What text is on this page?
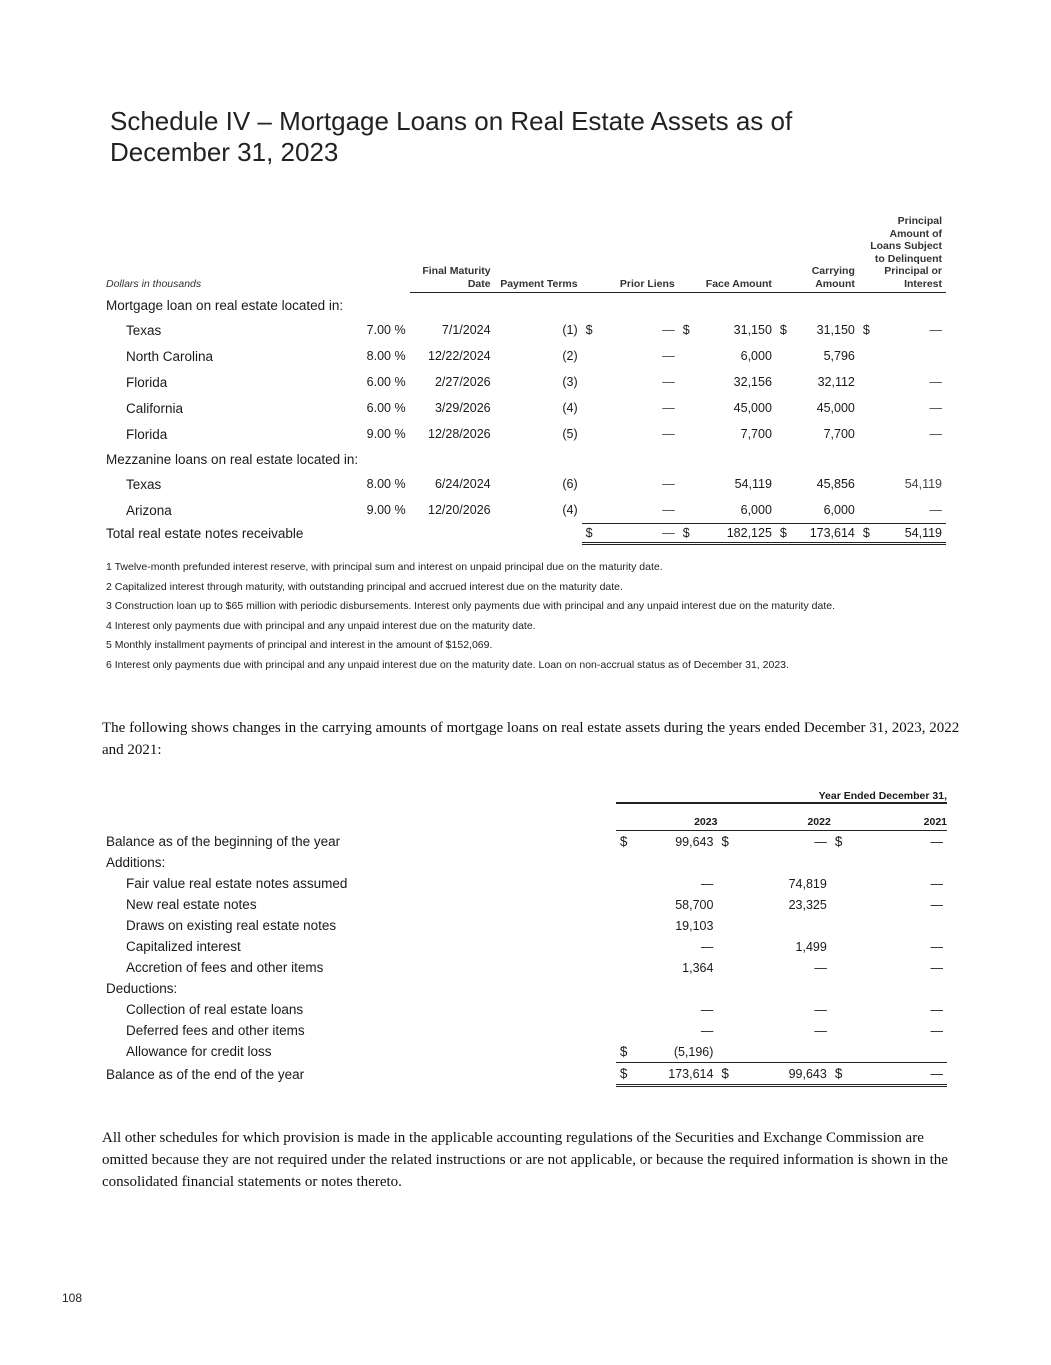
Schedule IV – Mortgage Loans on Real Estate Assets as of December 31, 2023
Dollars in thousands		Final Maturity Date	Payment Terms	Prior Liens		Face Amount		Carrying Amount		Principal Amount of Loans Subject to Delinquent Principal or Interest	
Mortgage loan on real estate located in:											
Texas	7.00 %	7/1/2024	(1)	$	—	$	31,150	$	31,150	$	—
North Carolina	8.00 %	12/22/2024	(2)		—		6,000		5,796		
Florida	6.00 %	2/27/2026	(3)		—		32,156		32,112		—
California	6.00 %	3/29/2026	(4)		—		45,000		45,000		—
Florida	9.00 %	12/28/2026	(5)		—		7,700		7,700		—
Mezzanine loans on real estate located in:											
Texas	8.00 %	6/24/2024	(6)		—		54,119		45,856		54,119
Arizona	9.00 %	12/20/2026	(4)		—		6,000		6,000		—
Total real estate notes receivable				$	—	$	182,125	$	173,614	$	54,119

1 Twelve-month prefunded interest reserve, with principal sum and interest on unpaid principal due on the maturity date.

2 Capitalized interest through maturity, with outstanding principal and accrued interest due on the maturity date.

3 Construction loan up to $65 million with periodic disbursements. Interest only payments due with principal and any unpaid interest due on the maturity date.

4 Interest only payments due with principal and any unpaid interest due on the maturity date.

5 Monthly installment payments of principal and interest in the amount of $152,069.

6 Interest only payments due with principal and any unpaid interest due on the maturity date. Loan on non-accrual status as of December 31, 2023.

The following shows changes in the carrying amounts of mortgage loans on real estate assets during the years ended December 31, 2023, 2022 and 2021:

	Year Ended December 31,					
	2023		2022		2021	
Balance as of the beginning of the year	$	99,643	$	—	$	—
Additions:						
Fair value real estate notes assumed		—		74,819		—
New real estate notes		58,700		23,325		—
Draws on existing real estate notes		19,103				
Capitalized interest		—		1,499		—
Accretion of fees and other items		1,364		—		—
Deductions:						
Collection of real estate loans		—		—		—
Deferred fees and other items		—		—		—
Allowance for credit loss	$	(5,196)				
Balance as of the end of the year	$	173,614	$	99,643	$	—

All other schedules for which provision is made in the applicable accounting regulations of the Securities and Exchange Commission are omitted because they are not required under the related instructions or are not applicable, or because the required information is shown in the consolidated financial statements or notes thereto.

108
